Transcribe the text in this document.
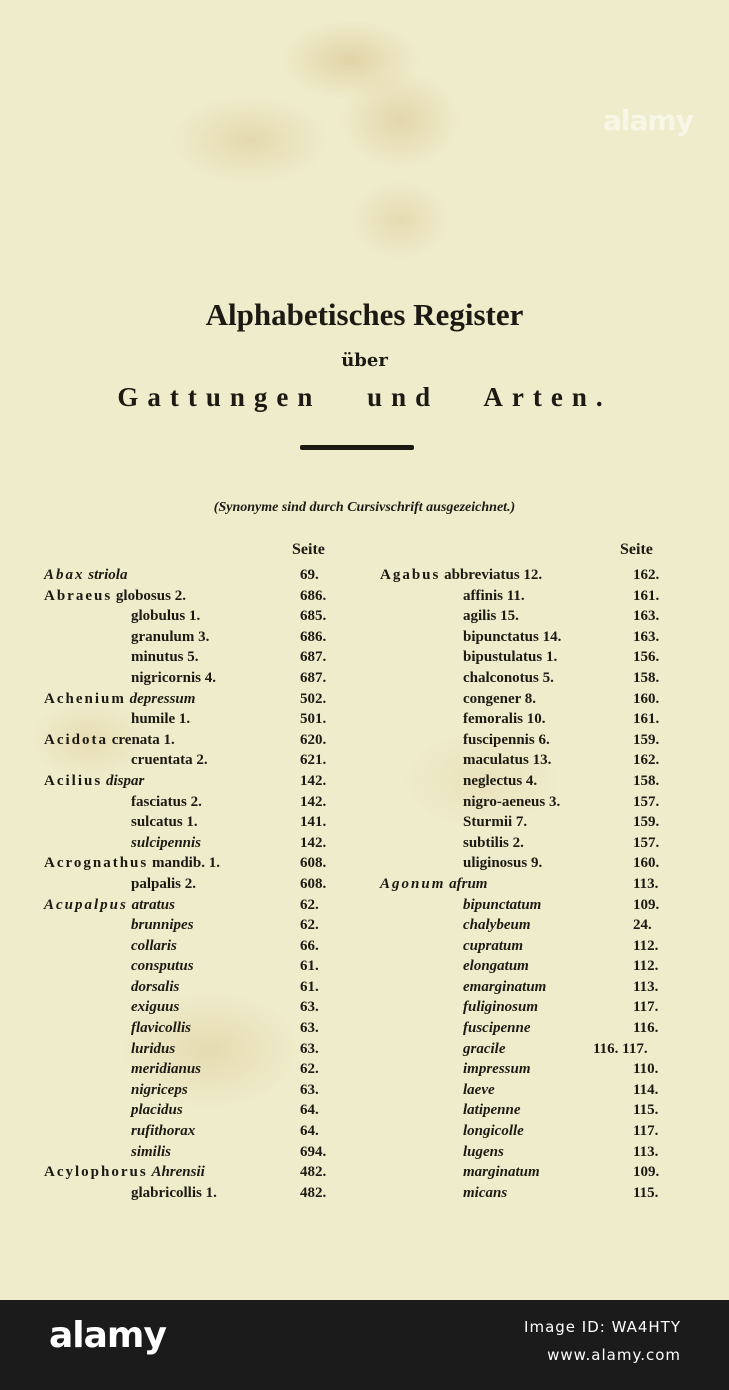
alamy
Alphabetisches Register
über
Gattungen und Arten.
(Synonyme sind durch Cursivschrift ausgezeichnet.)
Seite	Seite
Abax striola	69.
Abraeus globosus 2.	686.
globulus 1.	685.
granulum 3.	686.
minutus 5.	687.
nigricornis 4.	687.
Achenium depressum	502.
humile 1.	501.
Acidota crenata 1.	620.
cruentata 2.	621.
Acilius dispar	142.
fasciatus 2.	142.
sulcatus 1.	141.
sulcipennis	142.
Acrognathus mandib. 1.	608.
palpalis 2.	608.
Acupalpus atratus	62.
brunnipes	62.
collaris	66.
consputus	61.
dorsalis	61.
exiguus	63.
flavicollis	63.
luridus	63.
meridianus	62.
nigriceps	63.
placidus	64.
rufithorax	64.
similis	694.
Acylophorus Ahrensii	482.
glabricollis 1.	482.
Agabus abbreviatus 12.	162.
affinis 11.	161.
agilis 15.	163.
bipunctatus 14.	163.
bipustulatus 1.	156.
chalconotus 5.	158.
congener 8.	160.
femoralis 10.	161.
fuscipennis 6.	159.
maculatus 13.	162.
neglectus 4.	158.
nigro-aeneus 3.	157.
Sturmii 7.	159.
subtilis 2.	157.
uliginosus 9.	160.
Agonum afrum	113.
bipunctatum	109.
chalybeum	24.
cupratum	112.
elongatum	112.
emarginatum	113.
fuliginosum	117.
fuscipenne	116.
gracile	116. 117.
impressum	110.
laeve	114.
latipenne	115.
longicolle	117.
lugens	113.
marginatum	109.
micans	115.
alamy	Image ID: WA4HTY
www.alamy.com
